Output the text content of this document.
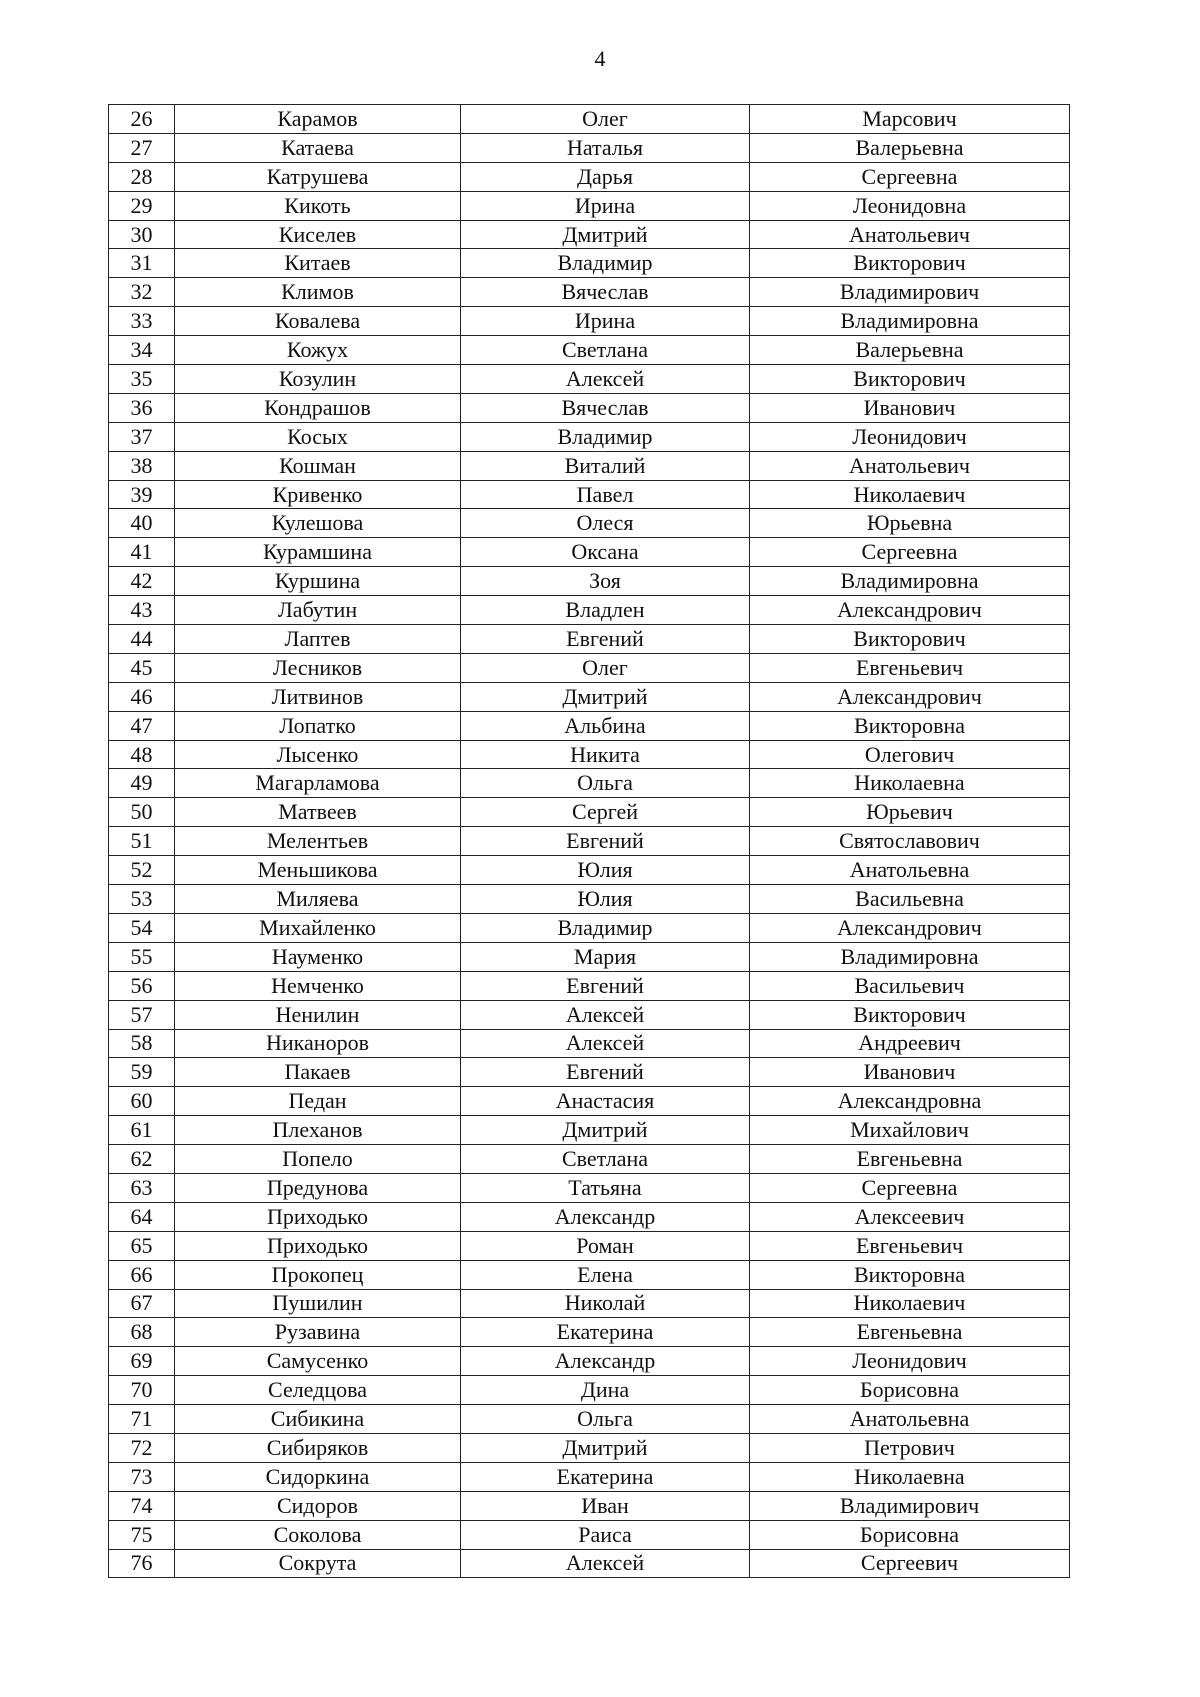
4
26	Карамов	Олег	Марсович
27	Катаева	Наталья	Валерьевна
28	Катрушева	Дарья	Сергеевна
29	Кикоть	Ирина	Леонидовна
30	Киселев	Дмитрий	Анатольевич
31	Китаев	Владимир	Викторович
32	Климов	Вячеслав	Владимирович
33	Ковалева	Ирина	Владимировна
34	Кожух	Светлана	Валерьевна
35	Козулин	Алексей	Викторович
36	Кондрашов	Вячеслав	Иванович
37	Косых	Владимир	Леонидович
38	Кошман	Виталий	Анатольевич
39	Кривенко	Павел	Николаевич
40	Кулешова	Олеся	Юрьевна
41	Курамшина	Оксана	Сергеевна
42	Куршина	Зоя	Владимировна
43	Лабутин	Владлен	Александрович
44	Лаптев	Евгений	Викторович
45	Лесников	Олег	Евгеньевич
46	Литвинов	Дмитрий	Александрович
47	Лопатко	Альбина	Викторовна
48	Лысенко	Никита	Олегович
49	Магарламова	Ольга	Николаевна
50	Матвеев	Сергей	Юрьевич
51	Мелентьев	Евгений	Святославович
52	Меньшикова	Юлия	Анатольевна
53	Миляева	Юлия	Васильевна
54	Михайленко	Владимир	Александрович
55	Науменко	Мария	Владимировна
56	Немченко	Евгений	Васильевич
57	Ненилин	Алексей	Викторович
58	Никаноров	Алексей	Андреевич
59	Пакаев	Евгений	Иванович
60	Педан	Анастасия	Александровна
61	Плеханов	Дмитрий	Михайлович
62	Попело	Светлана	Евгеньевна
63	Предунова	Татьяна	Сергеевна
64	Приходько	Александр	Алексеевич
65	Приходько	Роман	Евгеньевич
66	Прокопец	Елена	Викторовна
67	Пушилин	Николай	Николаевич
68	Рузавина	Екатерина	Евгеньевна
69	Самусенко	Александр	Леонидович
70	Селедцова	Дина	Борисовна
71	Сибикина	Ольга	Анатольевна
72	Сибиряков	Дмитрий	Петрович
73	Сидоркина	Екатерина	Николаевна
74	Сидоров	Иван	Владимирович
75	Соколова	Раиса	Борисовна
76	Сокрута	Алексей	Сергеевич
